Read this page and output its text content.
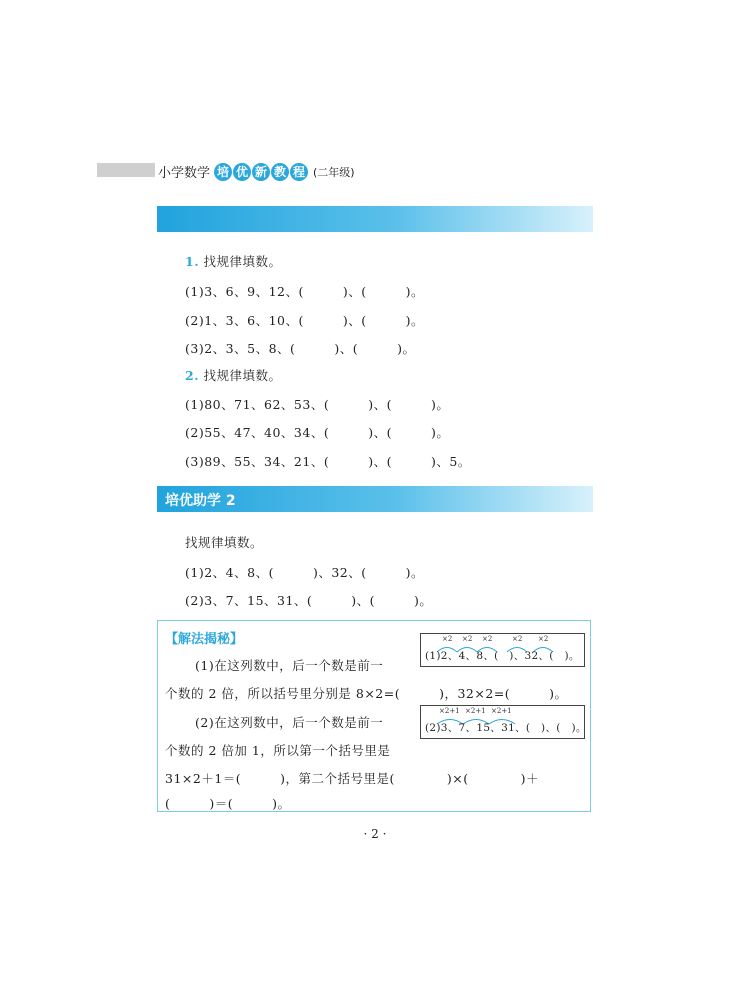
小学数学 培 优 新 教 程 (二年级)
1. 找规律填数。
(1)3、6、9、12、(　　　)、(　　　)。
(2)1、3、6、10、(　　　)、(　　　)。
(3)2、3、5、8、(　　　)、(　　　)。
2. 找规律填数。
(1)80、71、62、53、(　　　)、(　　　)。
(2)55、47、40、34、(　　　)、(　　　)。
(3)89、55、34、21、(　　　)、(　　　)、5。
培优助学 2
找规律填数。
(1)2、4、8、(　　　)、32、(　　　)。
(2)3、7、15、31、(　　　)、(　　　)。
【解法揭秘】	×2 ×2 ×2	×2 ×2
(1)2、4、8、(　)、32、(　)。
(1)在这列数中，后一个数是前一
个数的 2 倍，所以括号里分别是 8×2=(　　　)，32×2=(　　　)。
×2+1 ×2+1 ×2+1
(2)3、7、15、31、(　)、(　)。
(2)在这列数中，后一个数是前一
个数的 2 倍加 1，所以第一个括号里是
31×2＋1＝(　　　)，第二个括号里是(　　　　)×(　　　　)＋
(　　　)＝(　　　)。
· 2 ·
